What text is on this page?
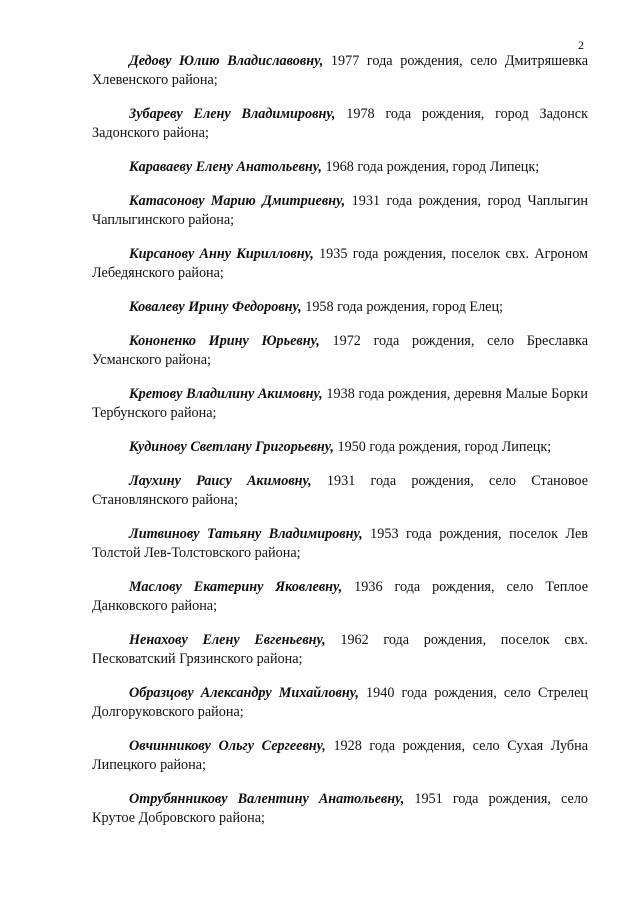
2

Дедову Юлию Владиславовну, 1977 года рождения, село Дмитряшевка Хлевенского района;

Зубареву Елену Владимировну, 1978 года рождения, город Задонск Задонского района;

Караваеву Елену Анатольевну, 1968 года рождения, город Липецк;

Катасонову Марию Дмитриевну, 1931 года рождения, город Чаплыгин Чаплыгинского района;

Кирсанову Анну Кирилловну, 1935 года рождения, поселок свх. Агроном Лебедянского района;

Ковалеву Ирину Федоровну, 1958 года рождения, город Елец;

Кононенко Ирину Юрьевну, 1972 года рождения, село Бреславка Усманского района;

Кретову Владилину Акимовну, 1938 года рождения, деревня Малые Борки Тербунского района;

Кудинову Светлану Григорьевну, 1950 года рождения, город Липецк;

Лаухину Раису Акимовну, 1931 года рождения, село Становое Становлянского района;

Литвинову Татьяну Владимировну, 1953 года рождения, поселок Лев Толстой Лев-Толстовского района;

Маслову Екатерину Яковлевну, 1936 года рождения, село Теплое Данковского района;

Ненахову Елену Евгеньевну, 1962 года рождения, поселок свх. Песковатский Грязинского района;

Образцову Александру Михайловну, 1940 года рождения, село Стрелец Долгоруковского района;

Овчинникову Ольгу Сергеевну, 1928 года рождения, село Сухая Лубна Липецкого района;

Отрубянникову Валентину Анатольевну, 1951 года рождения, село Крутое Добровского района;
